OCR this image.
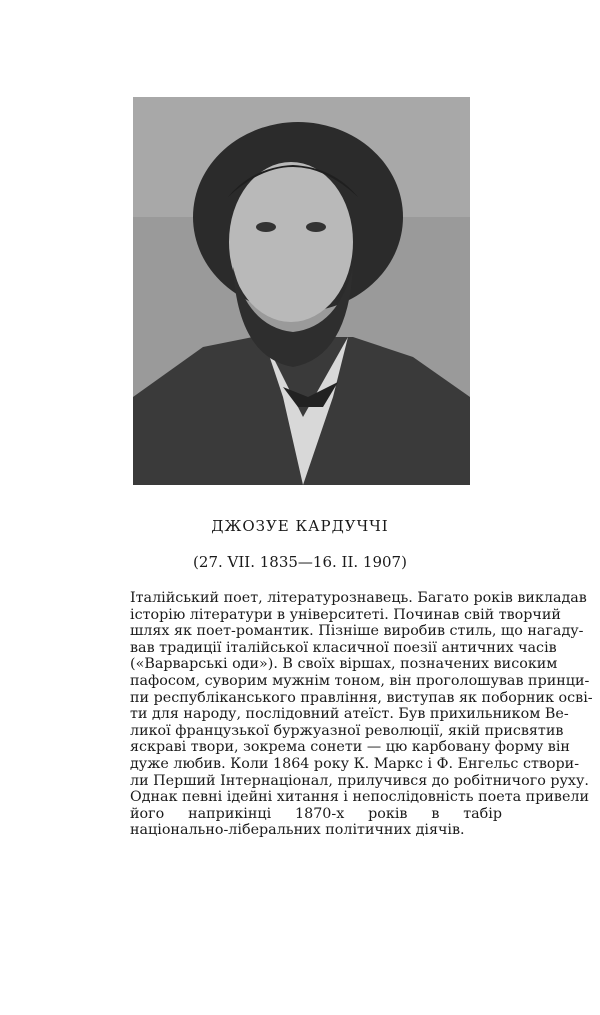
ДЖОЗУЕ КАРДУЧЧІ
(27. VII. 1835—16. II. 1907)
Італійський поет, літературознавець. Багато років викладав
історію літератури в університеті. Починав свій творчий
шлях як поет-романтик. Пізніше виробив стиль, що нагаду-
вав традиції італійської класичної поезії античних часів
(«Варварські оди»). В своїх віршах, позначених високим
пафосом, суворим мужнім тоном, він проголошував принци-
пи республіканського правління, виступав як поборник осві-
ти для народу, послідовний атеїст. Був прихильником Ве-
ликої французької буржуазної революції, якій присвятив
яскраві твори, зокрема сонети — цю карбовану форму він
дуже любив. Коли 1864 року К. Маркс і Ф. Енгельс створи-
ли Перший Інтернаціонал, прилучився до робітничого руху.
Однак певні ідейні хитання і непослідовність поета привели
його наприкінці 1870-х років в табір національно-ліберальних політичних діячів.
